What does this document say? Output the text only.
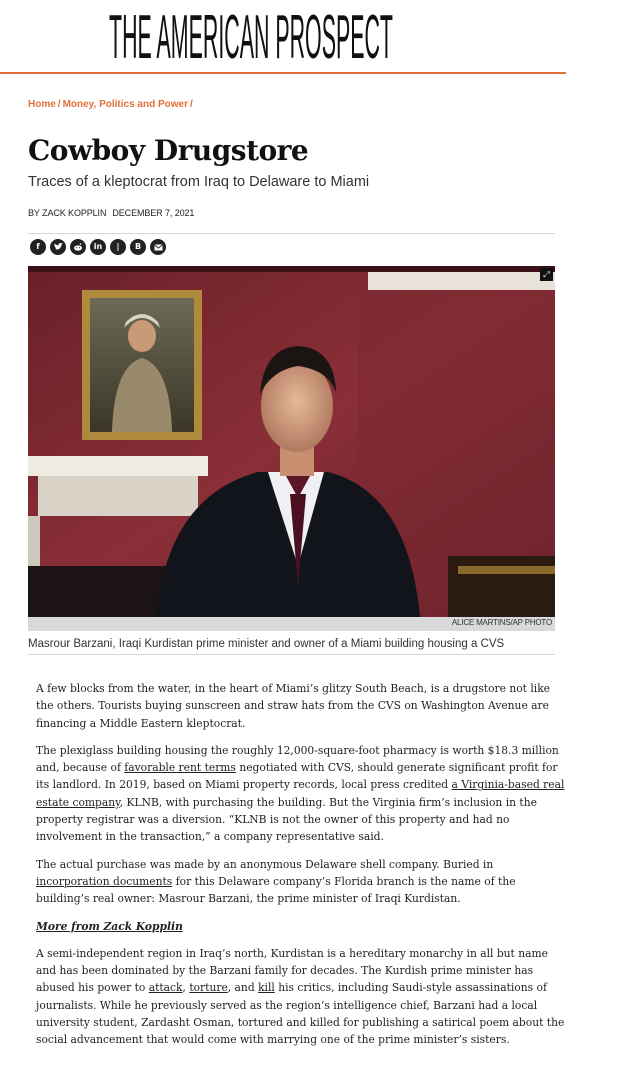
THE AMERICAN PROSPECT
Home / Money, Politics and Power /
Cowboy Drugstore

Traces of a kleptocrat from Iraq to Delaware to Miami

BY ZACK KOPPLIN DECEMBER 7, 2021
f	in	|	B
⤢
ALICE MARTINS/AP PHOTO

Masrour Barzani, Iraqi Kurdistan prime minister and owner of a Miami building housing a CVS

A few blocks from the water, in the heart of Miami’s glitzy South Beach, is a drugstore not like the others. Tourists buying sunscreen and straw hats from the CVS on Washington Avenue are financing a Middle Eastern kleptocrat.

The plexiglass building housing the roughly 12,000-square-foot pharmacy is worth $18.3 million and, because of favorable rent terms negotiated with CVS, should generate significant profit for its landlord. In 2019, based on Miami property records, local press credited a Virginia-based real estate company, KLNB, with purchasing the building. But the Virginia firm’s inclusion in the property registrar was a diversion. “KLNB is not the owner of this property and had no involvement in the transaction,” a company representative said.

The actual purchase was made by an anonymous Delaware shell company. Buried in incorporation documents for this Delaware company’s Florida branch is the name of the building’s real owner: Masrour Barzani, the prime minister of Iraqi Kurdistan.

More from Zack Kopplin

A semi-independent region in Iraq’s north, Kurdistan is a hereditary monarchy in all but name and has been dominated by the Barzani family for decades. The Kurdish prime minister has abused his power to attack, torture, and kill his critics, including Saudi-style assassinations of journalists. While he previously served as the region’s intelligence chief, Barzani had a local university student, Zardasht Osman, tortured and killed for publishing a satirical poem about the social advancement that would come with marrying one of the prime minister’s sisters.
